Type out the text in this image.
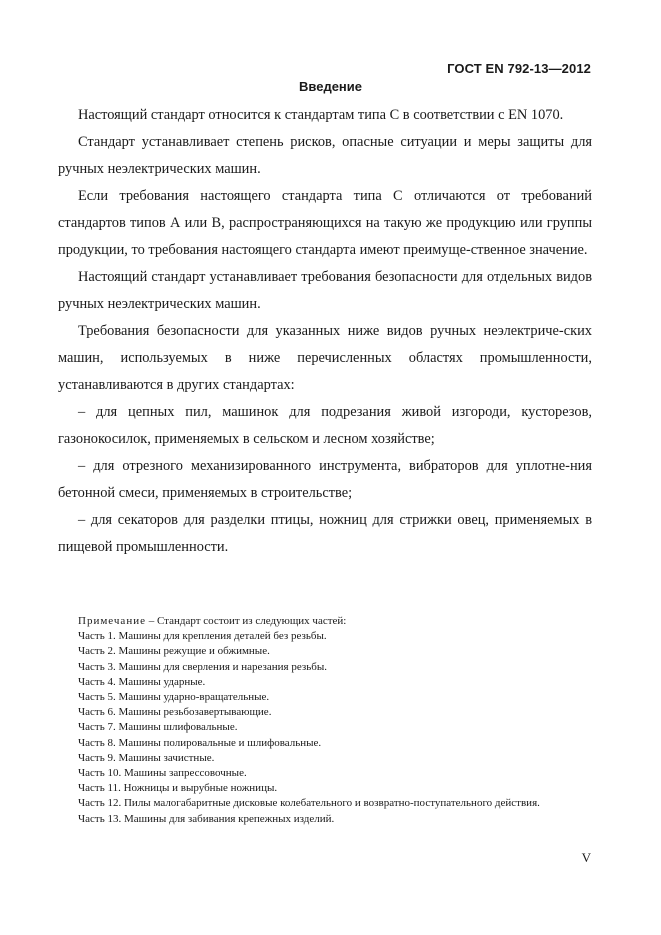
ГОСТ EN 792-13—2012
Введение

Настоящий стандарт относится к стандартам типа С в соответствии с EN 1070.

Стандарт устанавливает степень рисков, опасные ситуации и меры защиты для ручных неэлектрических машин.

Если требования настоящего стандарта типа С отличаются от требований стандартов типов А или В, распространяющихся на такую же продукцию или группы продукции, то требования настоящего стандарта имеют преимуще-ственное значение.

Настоящий стандарт устанавливает требования безопасности для отдельных видов ручных неэлектрических машин.

Требования безопасности для указанных ниже видов ручных неэлектриче-ских машин, используемых в ниже перечисленных областях промышленности, устанавливаются в других стандартах:

– для цепных пил, машинок для подрезания живой изгороди, кусторезов, газонокосилок, применяемых в сельском и лесном хозяйстве;

– для отрезного механизированного инструмента, вибраторов для уплотне-ния бетонной смеси, применяемых в строительстве;

– для секаторов для разделки птицы, ножниц для стрижки овец, применяемых в пищевой промышленности.

Примечание – Стандарт состоит из следующих частей:

Часть 1. Машины для крепления деталей без резьбы.

Часть 2. Машины режущие и обжимные.

Часть 3. Машины для сверления и нарезания резьбы.

Часть 4. Машины ударные.

Часть 5. Машины ударно-вращательные.

Часть 6. Машины резьбозавертывающие.

Часть 7. Машины шлифовальные.

Часть 8. Машины полировальные и шлифовальные.

Часть 9. Машины зачистные.

Часть 10. Машины запрессовочные.

Часть 11. Ножницы и вырубные ножницы.

Часть 12. Пилы малогабаритные дисковые колебательного и возвратно-поступательного действия.

Часть 13. Машины для забивания крепежных изделий.

V
